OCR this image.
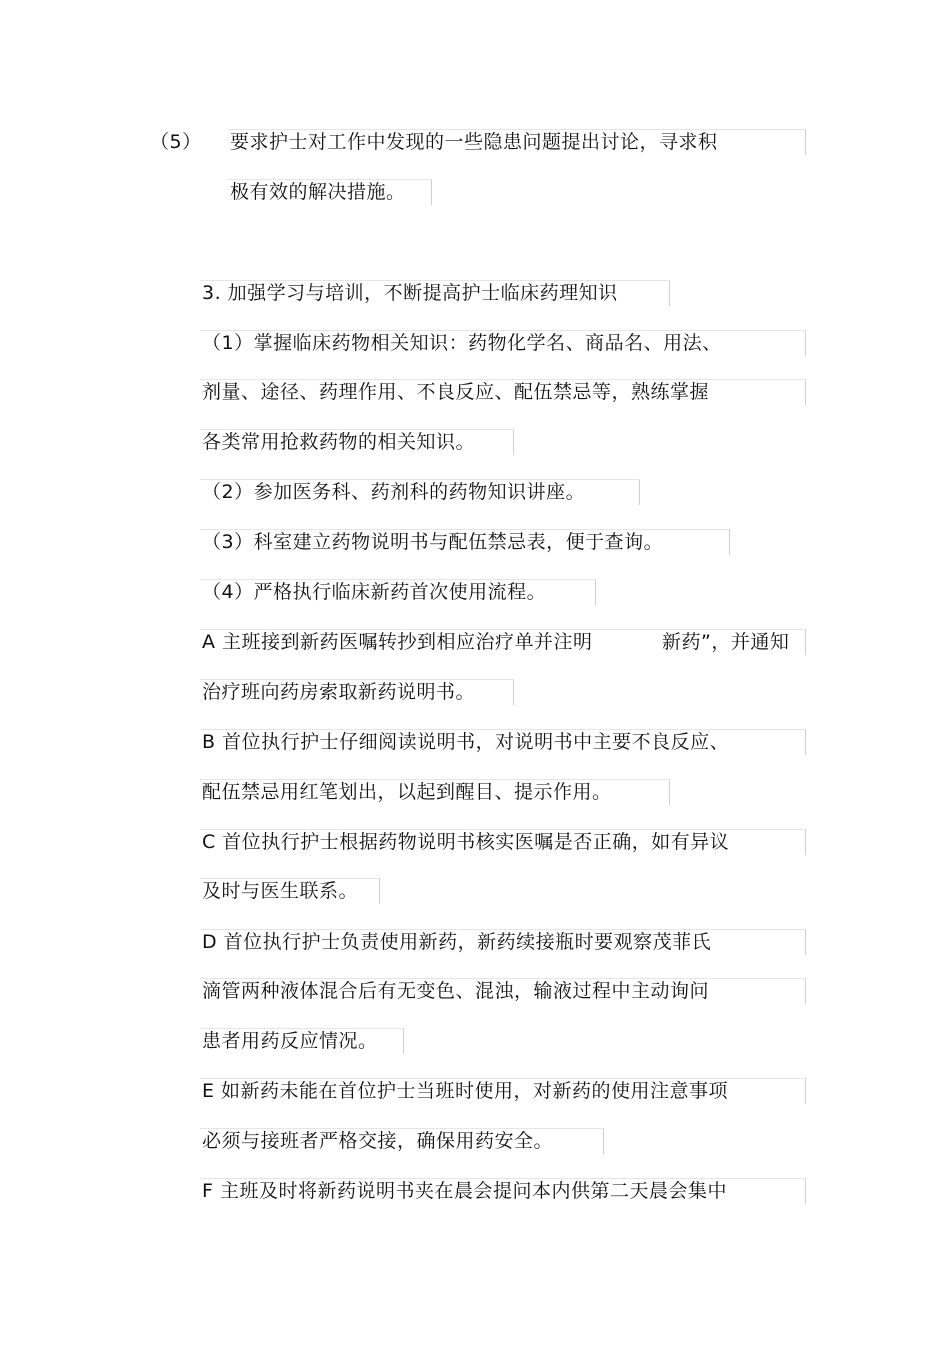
（5） 要求护士对工作中发现的一些隐患问题提出讨论，寻求积
极有效的解决措施。
3. 加强学习与培训，不断提高护士临床药理知识
（1）掌握临床药物相关知识：药物化学名、商品名、用法、
剂量、途径、药理作用、不良反应、配伍禁忌等，熟练掌握
各类常用抢救药物的相关知识。
（2）参加医务科、药剂科的药物知识讲座。
（3）科室建立药物说明书与配伍禁忌表，便于查询。
（4）严格执行临床新药首次使用流程。
A 主班接到新药医嘱转抄到相应治疗单并注明	新药”，并通知
治疗班向药房索取新药说明书。
B 首位执行护士仔细阅读说明书，对说明书中主要不良反应、
配伍禁忌用红笔划出，以起到醒目、提示作用。
C 首位执行护士根据药物说明书核实医嘱是否正确，如有异议
及时与医生联系。
D 首位执行护士负责使用新药，新药续接瓶时要观察茂菲氏
滴管两种液体混合后有无变色、混浊，输液过程中主动询问
患者用药反应情况。
E 如新药未能在首位护士当班时使用，对新药的使用注意事项
必须与接班者严格交接，确保用药安全。
F 主班及时将新药说明书夹在晨会提问本内供第二天晨会集中
